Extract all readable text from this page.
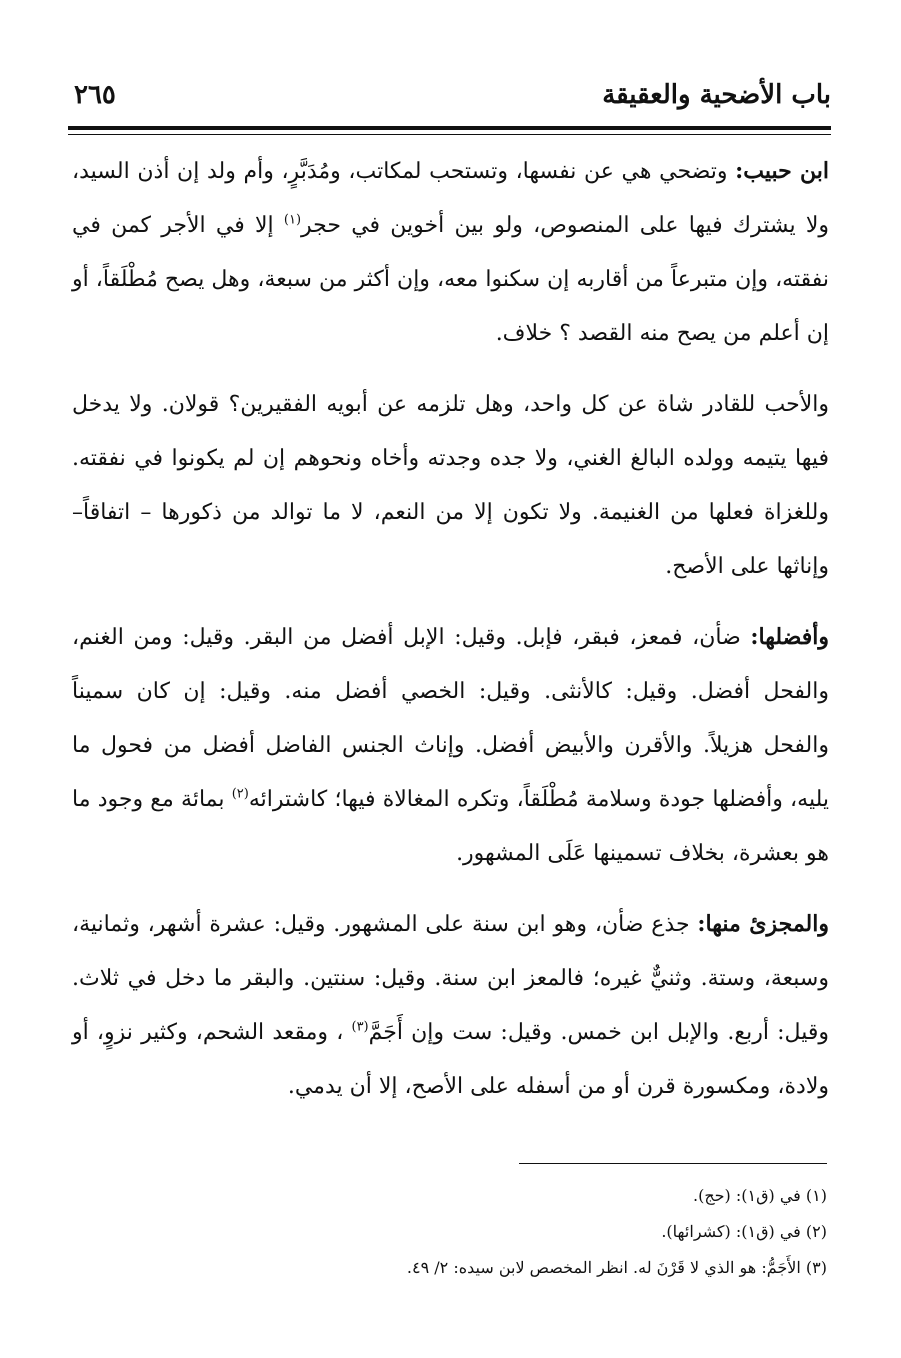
باب الأضحية والعقيقة
٢٦٥

ابن حبيب: وتضحي هي عن نفسها، وتستحب لمكاتب، ومُدَبَّرٍ، وأم ولد إن أذن السيد، ولا يشترك فيها على المنصوص، ولو بين أخوين في حجر$^{(١)}$ إلا في الأجر كمن في نفقته، وإن متبرعاً من أقاربه إن سكنوا معه، وإن أكثر من سبعة، وهل يصح مُطْلَقاً، أو إن أعلم من يصح منه القصد ؟ خلاف.

والأحب للقادر شاة عن كل واحد، وهل تلزمه عن أبويه الفقيرين؟ قولان. ولا يدخل فيها يتيمه وولده البالغ الغني، ولا جده وجدته وأخاه ونحوهم إن لم يكونوا في نفقته. وللغزاة فعلها من الغنيمة. ولا تكون إلا من النعم، لا ما توالد من ذكورها – اتفاقاً– وإناثها على الأصح.

وأفضلها: ضأن، فمعز، فبقر، فإبل. وقيل: الإبل أفضل من البقر. وقيل: ومن الغنم، والفحل أفضل. وقيل: كالأنثى. وقيل: الخصي أفضل منه. وقيل: إن كان سميناً والفحل هزيلاً. والأقرن والأبيض أفضل. وإناث الجنس الفاضل أفضل من فحول ما يليه، وأفضلها جودة وسلامة مُطْلَقاً، وتكره المغالاة فيها؛ كاشترائه$^{(٢)}$ بمائة مع وجود ما هو بعشرة، بخلاف تسمينها عَلَى المشهور.

والمجزئ منها: جذع ضأن، وهو ابن سنة على المشهور. وقيل: عشرة أشهر، وثمانية، وسبعة، وستة. وثنيٌّ غيره؛ فالمعز ابن سنة. وقيل: سنتين. والبقر ما دخل في ثلاث. وقيل: أربع. والإبل ابن خمس. وقيل: ست وإن أَجَمَّ$^{(٣)}$ ، ومقعد الشحم، وكثير نزوٍ، أو ولادة، ومكسورة قرن أو من أسفله على الأصح، إلا أن يدمي.

(١) في (ق١): (حج).

(٢) في (ق١): (كشرائها).

(٣) الأَجَمُّ: هو الذي لا قَرْنَ له. انظر المخصص لابن سيده: ٢/ ٤٩.
